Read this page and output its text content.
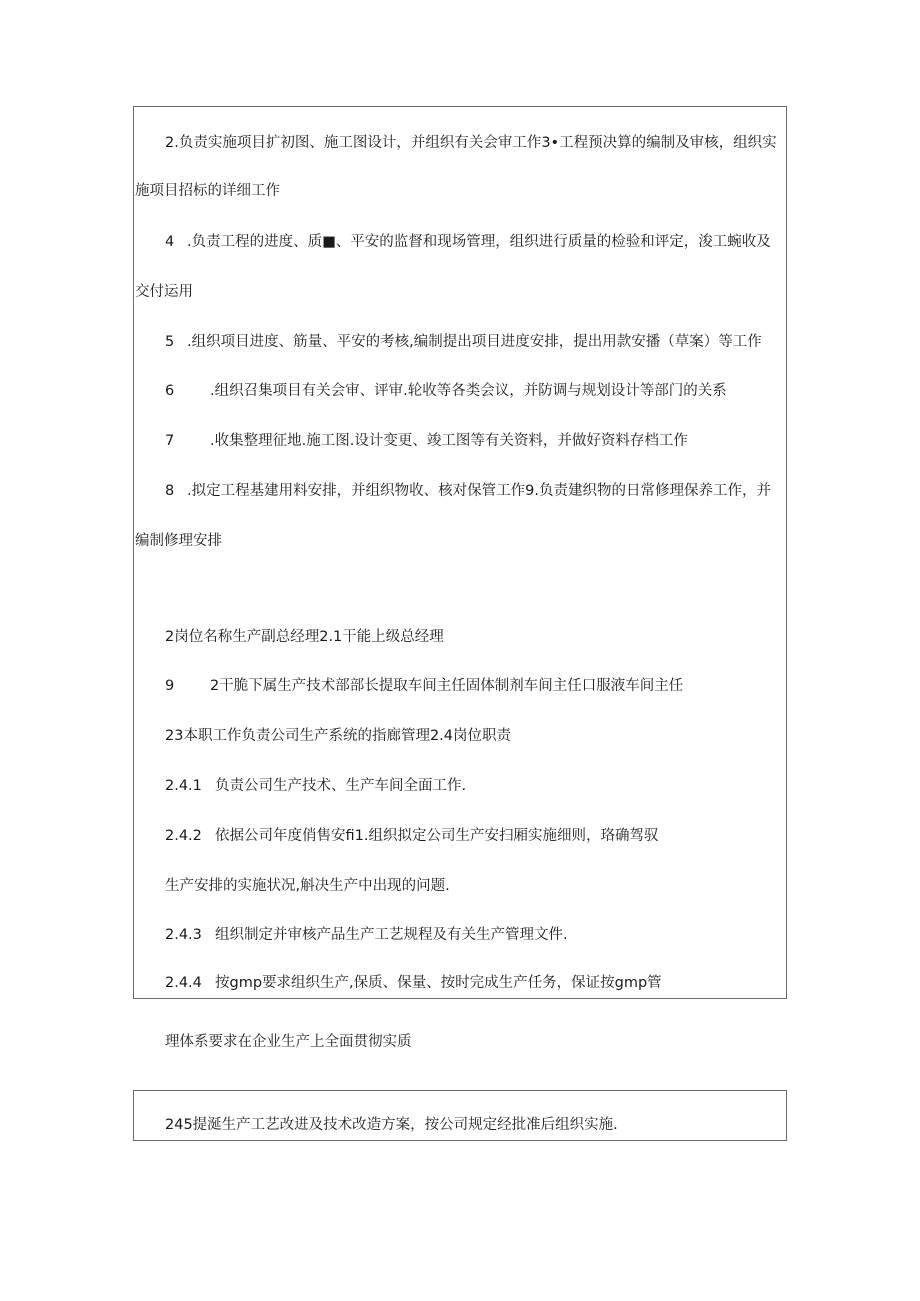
2.负责实施项目扩初图、施工图设计，并组织有关会审工作3•工程预决算的编制及审核，组织实
施项目招标的详细工作
4 .负责工程的进度、质■、平安的监督和现场管理，组织进行质量的检验和评定，浚工蜿收及
交付运用
5 .组织项目进度、筋量、平安的考核,编制提出项目进度安排，提出用款安播（草案）等工作
6 .组织召集项目有关会审、评审.轮收等各类会议，并防调与规划设计等部门的关系
7 .收集整理征地.施工图.设计变更、竣工图等有关资料，并做好资料存档工作
8 .拟定工程基建用料安排，并组织物收、核对保管工作9.负责建织物的日常修理保养工作，并
编制修理安排
2岗位名称生产副总经理2.1干能上级总经理
9 2干脆下属生产技术部部长提取车间主任固体制剂车间主任口服液车间主任
23本职工作负责公司生产系统的指廊管理2.4岗位职责
2.4.1 负责公司生产技术、生产车间全面工作.
2.4.2 依据公司年度俏售安fi1.组织拟定公司生产安扫厢实施细则，珞确驾驭
生产安排的实施状况,斛决生产中出现的问题.
2.4.3 组织制定并审核产品生产工艺规程及有关生产管理文件.
2.4.4 按gmp要求组织生产,保质、保量、按时完成生产任务，保证按gmp管
理体系要求在企业生产上全面贯彻实质
245提涎生产工艺改进及技术改造方案，按公司规定经批准后组织实施.
